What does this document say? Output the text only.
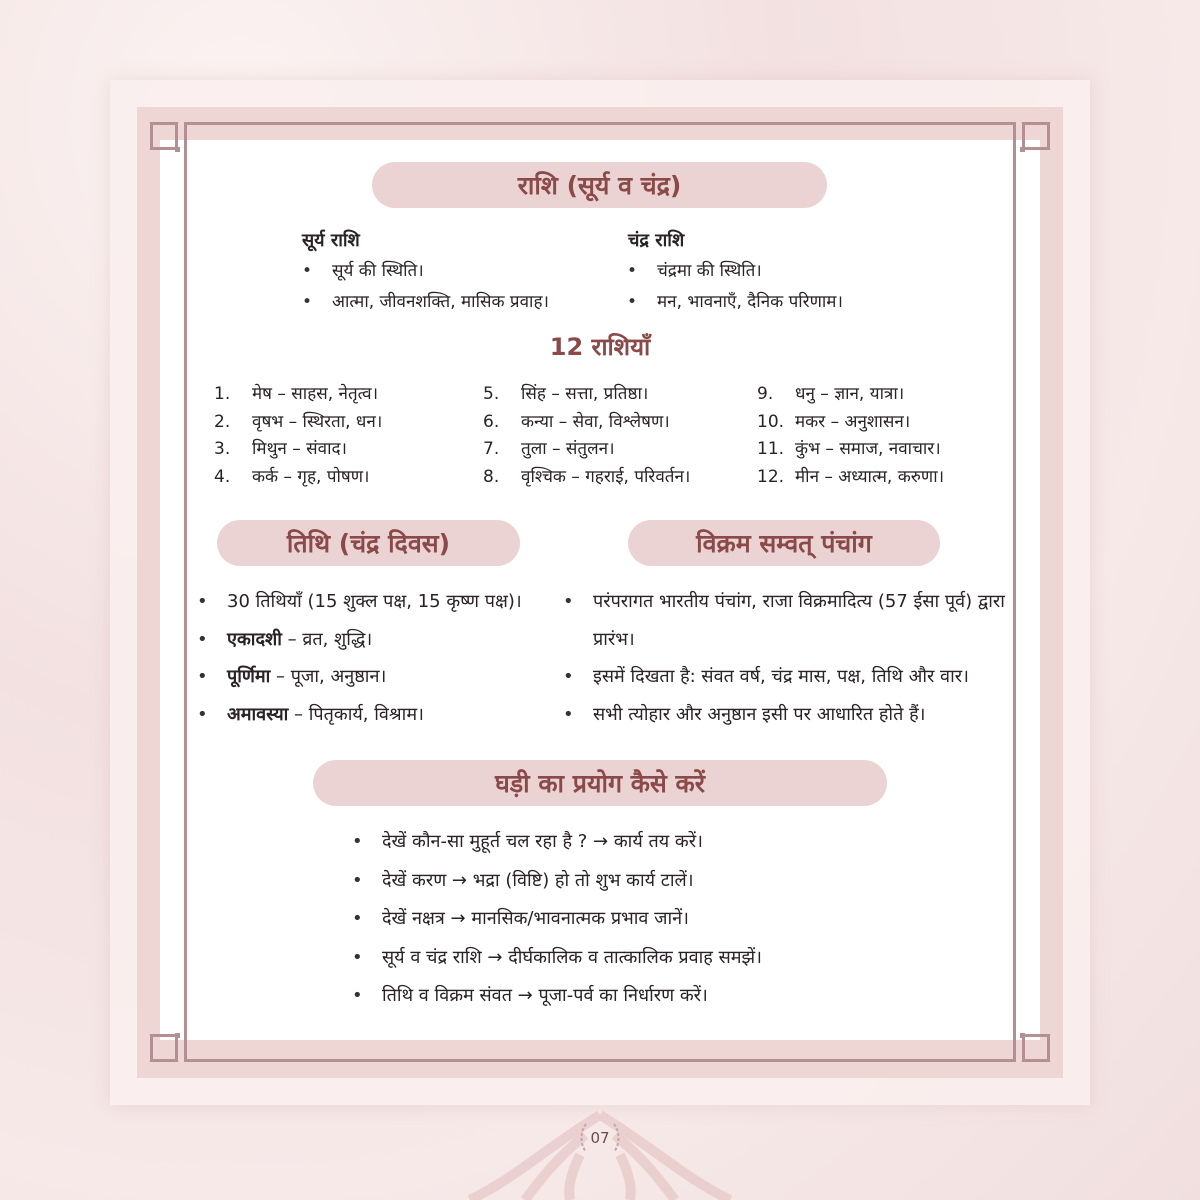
राशि (सूर्य व चंद्र)
सूर्य राशि
• सूर्य की स्थिति।
• आत्मा, जीवनशक्ति, मासिक प्रवाह।
चंद्र राशि
• चंद्रमा की स्थिति।
• मन, भावनाएँ, दैनिक परिणाम।
12 राशियाँ
1.	मेष – साहस, नेतृत्व।
2.	वृषभ – स्थिरता, धन।
3.	मिथुन – संवाद।
4.	कर्क – गृह, पोषण।
5.	सिंह – सत्ता, प्रतिष्ठा।
6.	कन्या – सेवा, विश्लेषण।
7.	तुला – संतुलन।
8.	वृश्चिक – गहराई, परिवर्तन।
9.	धनु – ज्ञान, यात्रा।
10. मकर – अनुशासन।
11. कुंभ – समाज, नवाचार।
12. मीन – अध्यात्म, करुणा।
तिथि (चंद्र दिवस)
• 30 तिथियाँ (15 शुक्ल पक्ष, 15 कृष्ण पक्ष)।
• एकादशी – व्रत, शुद्धि।
• पूर्णिमा – पूजा, अनुष्ठान।
• अमावस्या – पितृकार्य, विश्राम।
विक्रम सम्वत् पंचांग
• परंपरागत भारतीय पंचांग, राजा विक्रमादित्य (57 ईसा पूर्व) द्वारा प्रारंभ।
• इसमें दिखता है: संवत वर्ष, चंद्र मास, पक्ष, तिथि और वार।
• सभी त्योहार और अनुष्ठान इसी पर आधारित होते हैं।
घड़ी का प्रयोग कैसे करें
• देखें कौन-सा मुहूर्त चल रहा है ? → कार्य तय करें।
• देखें करण → भद्रा (विष्टि) हो तो शुभ कार्य टालें।
• देखें नक्षत्र → मानसिक/भावनात्मक प्रभाव जानें।
• सूर्य व चंद्र राशि → दीर्घकालिक व तात्कालिक प्रवाह समझें।
• तिथि व विक्रम संवत → पूजा-पर्व का निर्धारण करें।
07
